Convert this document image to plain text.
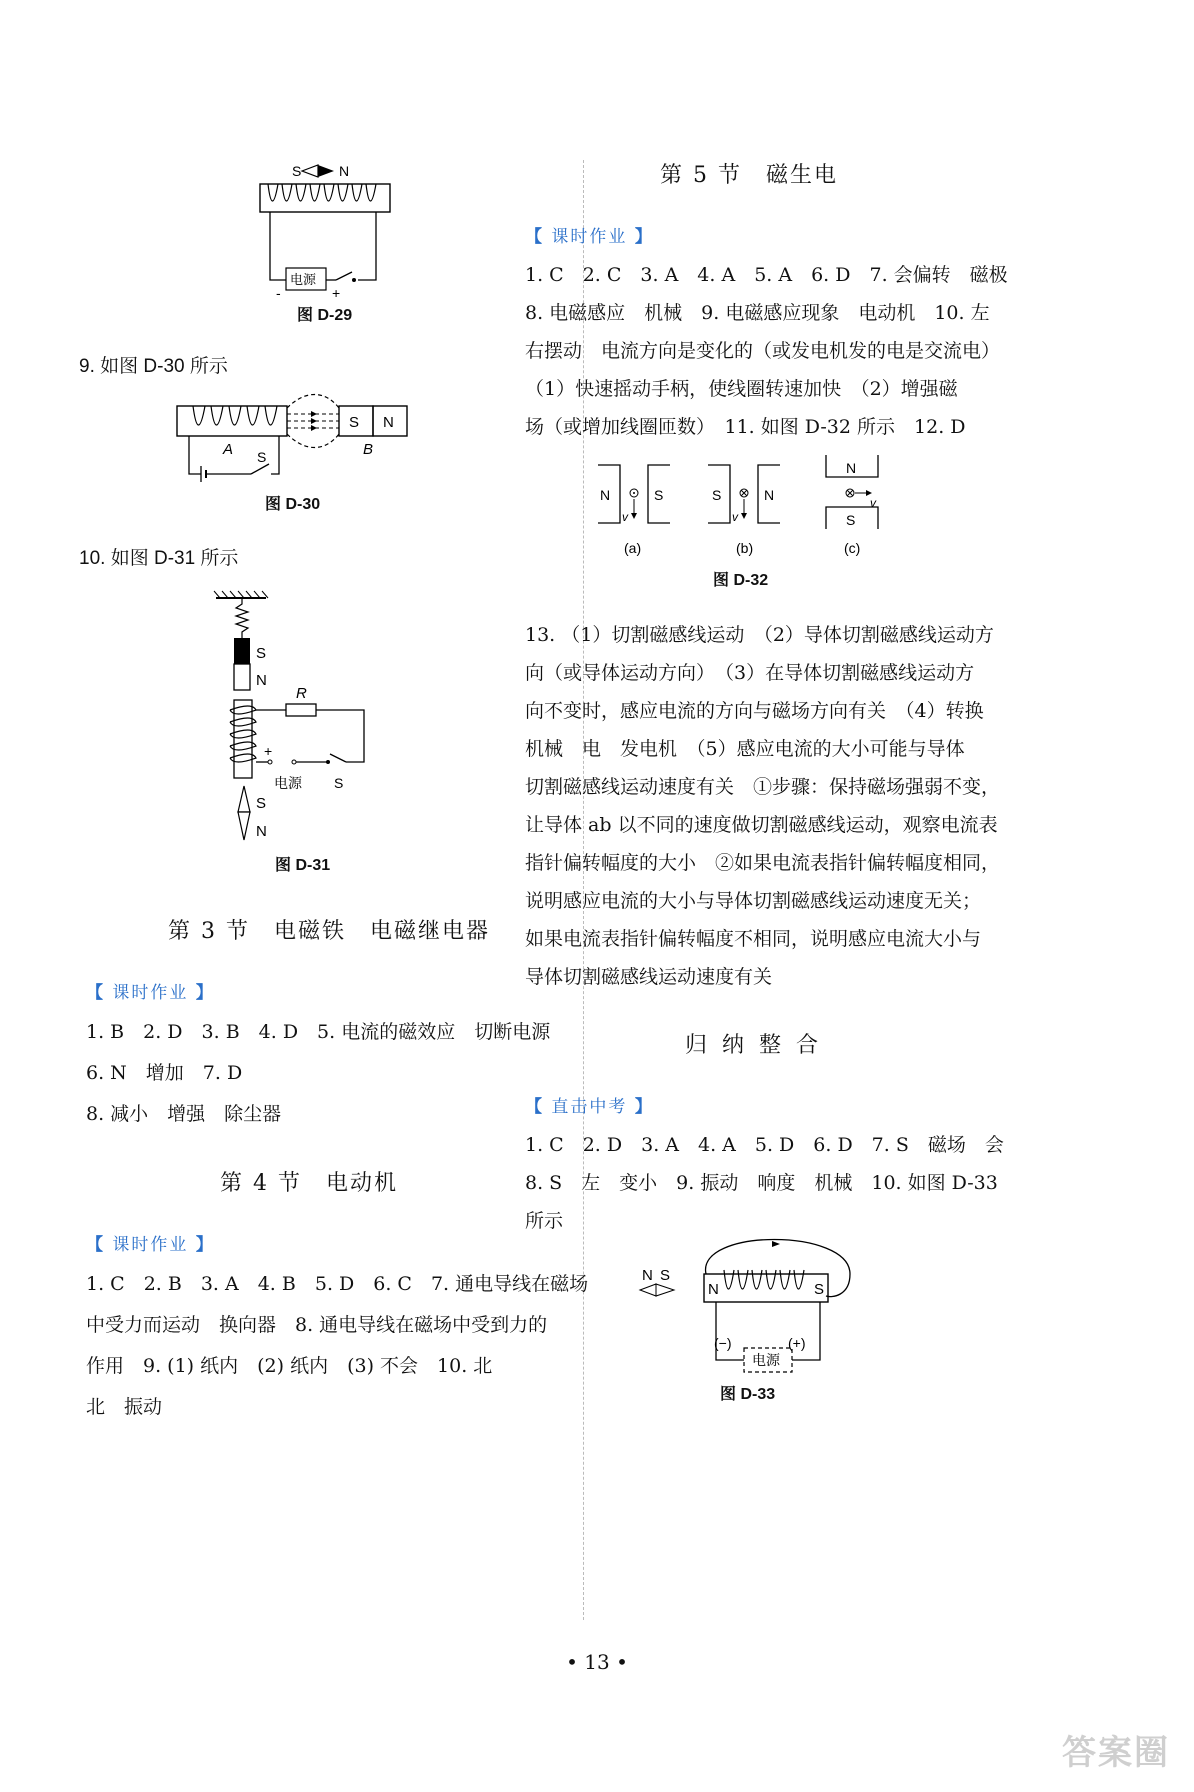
S	N
电源
-	+
图 D-29
9. 如图 D-30 所示
S N
A	B
S
图 D-30
10. 如图 D-31 所示
S
N
R
+
电源 S
S
N
图 D-31
第 3 节　电磁铁　电磁继电器
【 课时作业 】
1. B　2. D　3. B　4. D　5. 电流的磁效应　切断电源
6. N　增加　7. D
8. 减小　增强　除尘器
第 4 节　电动机
【 课时作业 】
1. C　2. B　3. A　4. B　5. D　6. C　7. 通电导线在磁场
中受力而运动　换向器　8. 通电导线在磁场中受到力的
作用　9. (1) 纸内　(2) 纸内　(3) 不会　10. 北
北　振动
第 5 节　磁生电
【 课时作业 】
1. C　2. C　3. A　4. A　5. A　6. D　7. 会偏转　磁极
8. 电磁感应　机械　9. 电磁感应现象　电动机　10. 左
右摆动　电流方向是变化的（或发电机发的电是交流电）
（1）快速摇动手柄，使线圈转速加快　（2）增强磁
场（或增加线圈匝数）　11. 如图 D-32 所示　12. D
N	S
v
(a)
S	N
v
(b)
N
S
v
(c)
图 D-32
13. （1）切割磁感线运动　（2）导体切割磁感线运动方
向（或导体运动方向）　（3）在导体切割磁感线运动方
向不变时，感应电流的方向与磁场方向有关　（4）转换
机械　电　发电机　（5）感应电流的大小可能与导体
切割磁感线运动速度有关　①步骤：保持磁场强弱不变，
让导体 ab 以不同的速度做切割磁感线运动，观察电流表
指针偏转幅度的大小　②如果电流表指针偏转幅度相同，
说明感应电流的大小与导体切割磁感线运动速度无关；
如果电流表指针偏转幅度不相同，说明感应电流大小与
导体切割磁感线运动速度有关
归 纳 整 合
【 直击中考 】
1. C　2. D　3. A　4. A　5. D　6. D　7. S　磁场　会
8. S　左　变小　9. 振动　响度　机械　10. 如图 D-33
所示
N S
N	S
电源
(−)	(+)
图 D-33
• 13 •
答案圈
